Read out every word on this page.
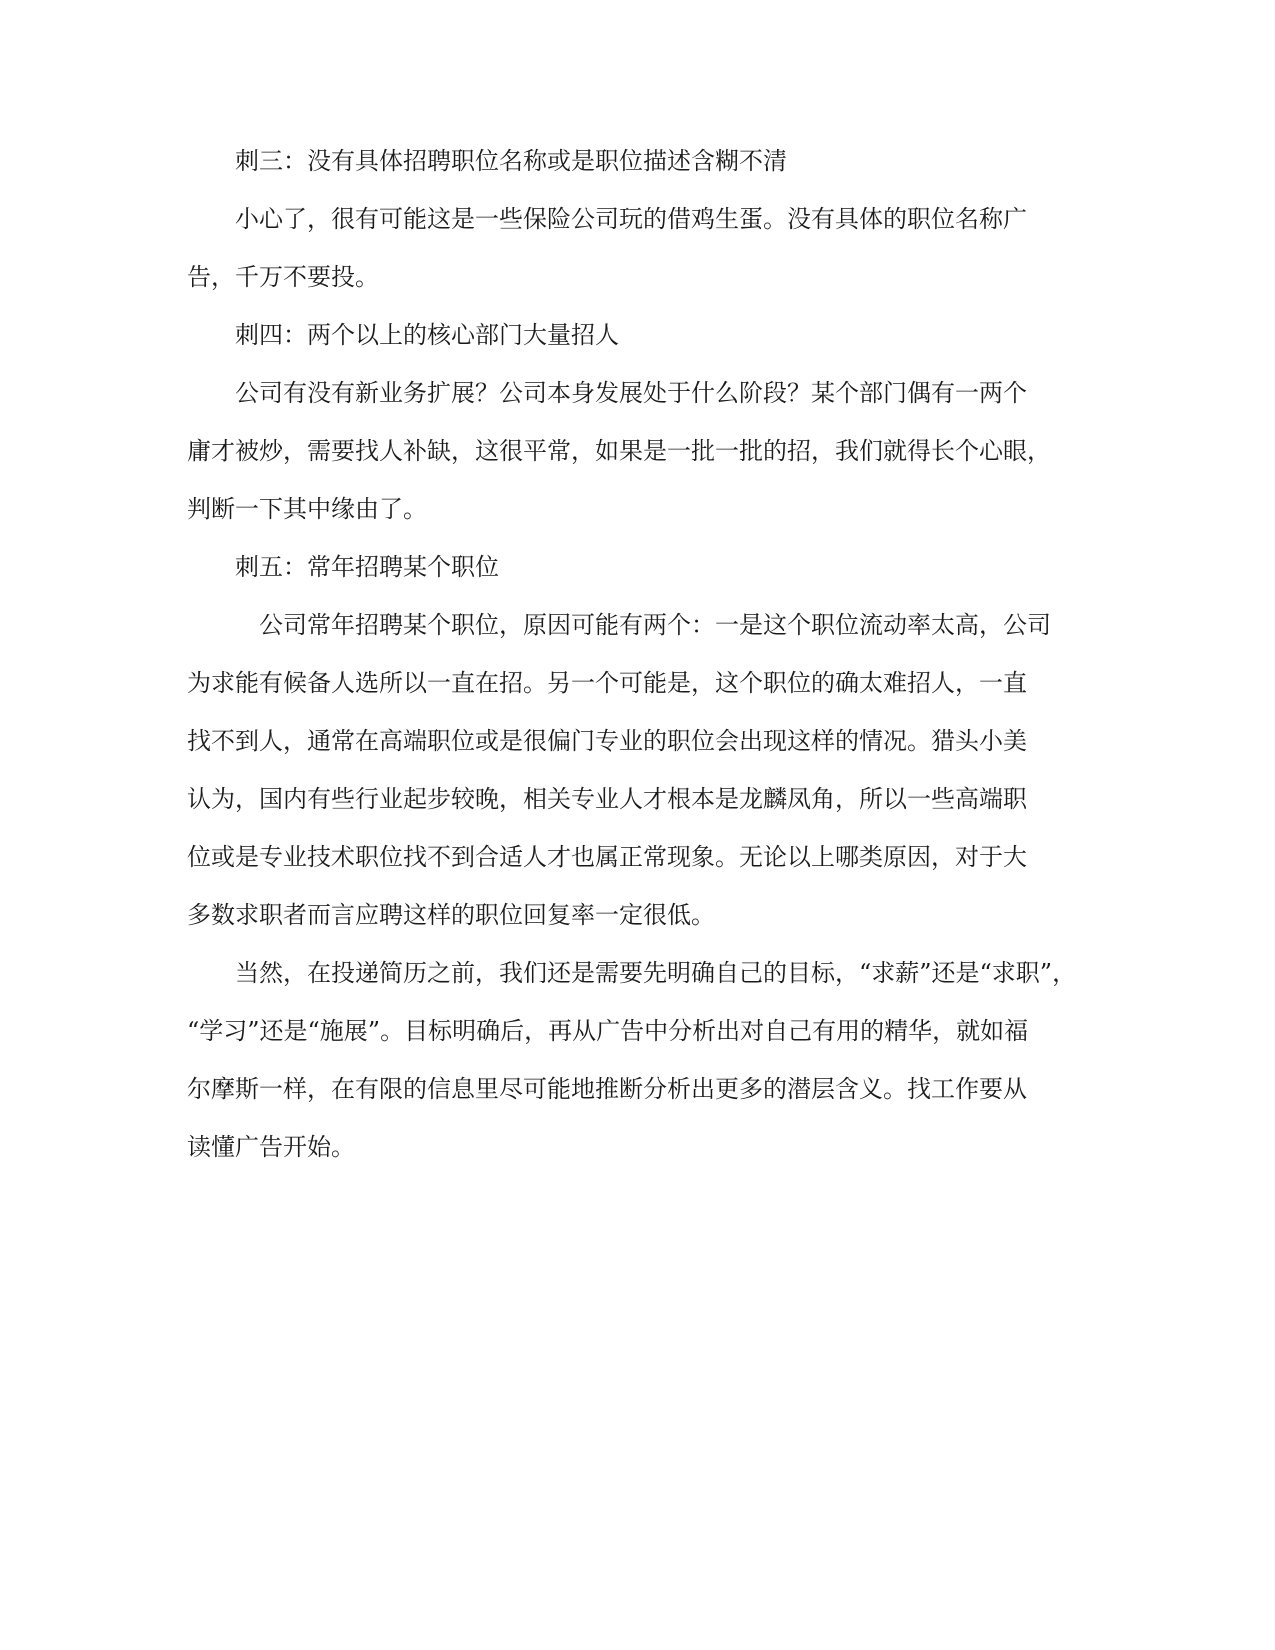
刺三：没有具体招聘职位名称或是职位描述含糊不清
小心了，很有可能这是一些保险公司玩的借鸡生蛋。没有具体的职位名称广
告，千万不要投。
刺四：两个以上的核心部门大量招人
公司有没有新业务扩展？公司本身发展处于什么阶段？某个部门偶有一两个
庸才被炒，需要找人补缺，这很平常，如果是一批一批的招，我们就得长个心眼，
判断一下其中缘由了。
刺五：常年招聘某个职位
公司常年招聘某个职位，原因可能有两个：一是这个职位流动率太高，公司
为求能有候备人选所以一直在招。另一个可能是，这个职位的确太难招人，一直
找不到人，通常在高端职位或是很偏门专业的职位会出现这样的情况。猎头小美
认为，国内有些行业起步较晚，相关专业人才根本是龙麟凤角，所以一些高端职
位或是专业技术职位找不到合适人才也属正常现象。无论以上哪类原因，对于大
多数求职者而言应聘这样的职位回复率一定很低。
当然，在投递简历之前，我们还是需要先明确自己的目标，“求薪”还是“求职”，
“学习”还是“施展”。目标明确后，再从广告中分析出对自己有用的精华，就如福
尔摩斯一样，在有限的信息里尽可能地推断分析出更多的潜层含义。找工作要从
读懂广告开始。
